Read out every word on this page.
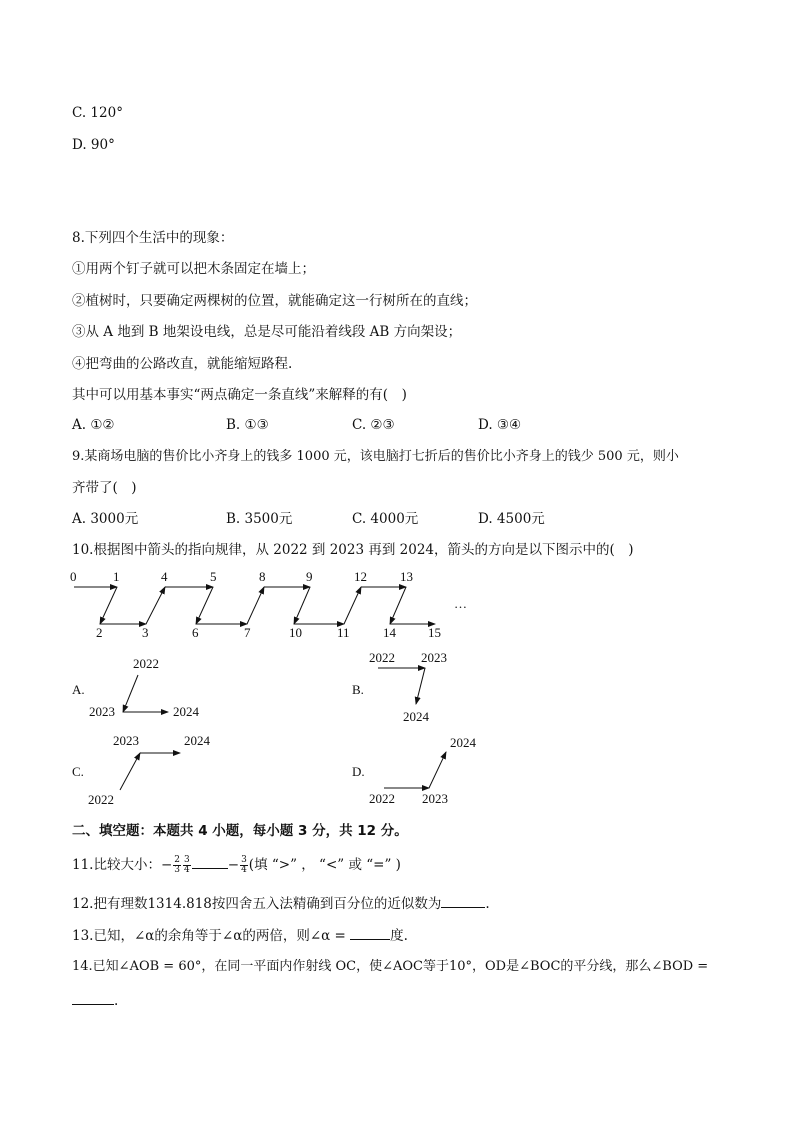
C. 120°
D. 90°
8.下列四个生活中的现象：
①用两个钉子就可以把木条固定在墙上；
②植树时，只要确定两棵树的位置，就能确定这一行树所在的直线；
③从 A 地到 B 地架设电线，总是尽可能沿着线段 AB 方向架设；
④把弯曲的公路改直，就能缩短路程.
其中可以用基本事实“两点确定一条直线”来解释的有(　)
A. ①②	B. ①③	C. ②③	D. ③④
9.某商场电脑的售价比小齐身上的钱多 1000 元，该电脑打七折后的售价比小齐身上的钱少 500 元，则小
齐带了(　)
A. 3000元	B. 3500元	C. 4000元	D. 4500元
10.根据图中箭头的指向规律，从 2022 到 2023 再到 2024，箭头的方向是以下图示中的(　)
0	1	4	5	8	9	12	13
2	3	6	7	10	11	14 15
…
A.
2022
2023	2024
B.
2022 2023
2024
C.
2023	2024
2022
D.
2024
2022 2023
二、填空题：本题共 4 小题，每小题 3 分，共 12 分。
11.比较大小：− $\frac{2}{3} \frac{3}{4}$	− $\frac{3}{4}$ (填 “>” ， “<” 或 “=” )
12.把有理数1314.818按四舍五入法精确到百分位的近似数为	.
13.已知，∠α的余角等于∠α的两倍，则∠α =	度.
14.已知∠AOB = 60°，在同一平面内作射线 OC，使∠AOC等于10°，OD是∠BOC的平分线，那么∠BOD =
.
